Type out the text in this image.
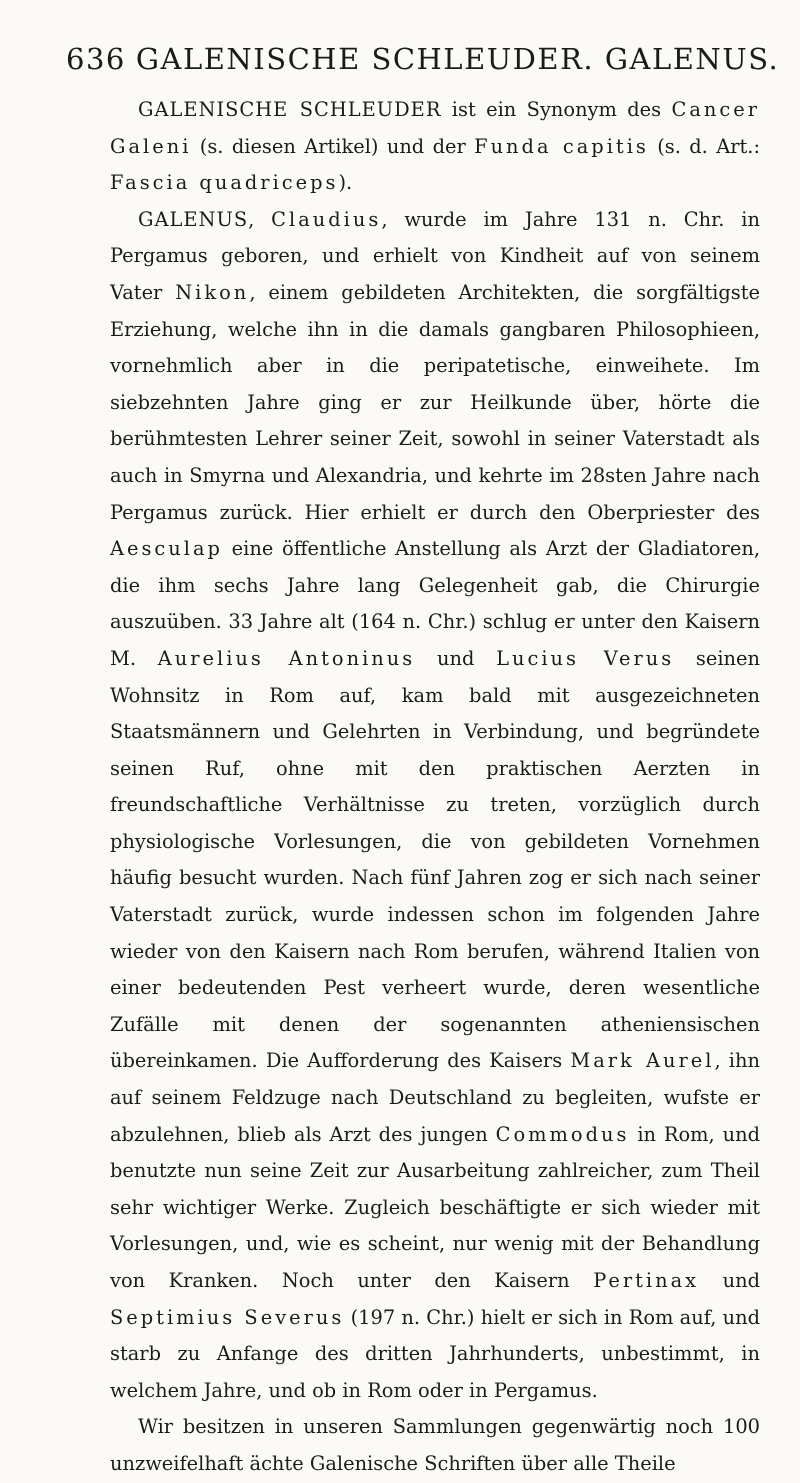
636 GALENISCHE SCHLEUDER. GALENUS.

GALENISCHE SCHLEUDER ist ein Synonym des Cancer Galeni (s. diesen Artikel) und der Funda capitis (s. d. Art.: Fascia quadriceps).

GALENUS, Claudius, wurde im Jahre 131 n. Chr. in Pergamus geboren, und erhielt von Kindheit auf von seinem Vater Nikon, einem gebildeten Architekten, die sorgfältigste Erziehung, welche ihn in die damals gangbaren Philosophieen, vornehmlich aber in die peripatetische, einweihete. Im siebzehnten Jahre ging er zur Heilkunde über, hörte die berühmtesten Lehrer seiner Zeit, sowohl in seiner Vaterstadt als auch in Smyrna und Alexandria, und kehrte im 28sten Jahre nach Pergamus zurück. Hier erhielt er durch den Oberpriester des Aesculap eine öffentliche Anstellung als Arzt der Gladiatoren, die ihm sechs Jahre lang Gelegenheit gab, die Chirurgie auszuüben. 33 Jahre alt (164 n. Chr.) schlug er unter den Kaisern M. Aurelius Antoninus und Lucius Verus seinen Wohnsitz in Rom auf, kam bald mit ausgezeichneten Staatsmännern und Gelehrten in Verbindung, und begründete seinen Ruf, ohne mit den praktischen Aerzten in freundschaftliche Verhältnisse zu treten, vorzüglich durch physiologische Vorlesungen, die von gebildeten Vornehmen häufig besucht wurden. Nach fünf Jahren zog er sich nach seiner Vaterstadt zurück, wurde indessen schon im folgenden Jahre wieder von den Kaisern nach Rom berufen, während Italien von einer bedeutenden Pest verheert wurde, deren wesentliche Zufälle mit denen der sogenannten atheniensischen übereinkamen. Die Aufforderung des Kaisers Mark Aurel, ihn auf seinem Feldzuge nach Deutschland zu begleiten, wufste er abzulehnen, blieb als Arzt des jungen Commodus in Rom, und benutzte nun seine Zeit zur Ausarbeitung zahlreicher, zum Theil sehr wichtiger Werke. Zugleich beschäftigte er sich wieder mit Vorlesungen, und, wie es scheint, nur wenig mit der Behandlung von Kranken. Noch unter den Kaisern Pertinax und Septimius Severus (197 n. Chr.) hielt er sich in Rom auf, und starb zu Anfange des dritten Jahrhunderts, unbestimmt, in welchem Jahre, und ob in Rom oder in Pergamus.

Wir besitzen in unseren Sammlungen gegenwärtig noch 100 unzweifelhaft ächte Galenische Schriften über alle Theile
